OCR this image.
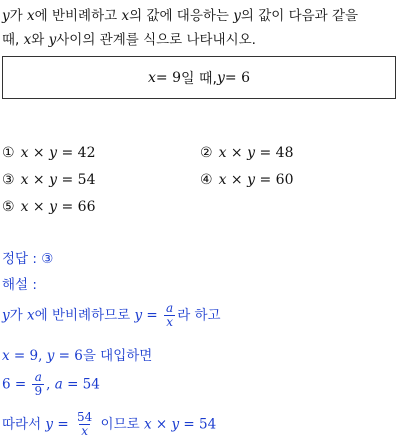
y가 x에 반비례하고 x의 값에 대응하는 y의 값이 다음과 같을
때, x와 y사이의 관계를 식으로 나타내시오.
x = 9 일 때, y = 6
① x × y = 42	② x × y = 48
③ x × y = 54	④ x × y = 60
⑤ x × y = 66
정답 : ③
해설 :
y가 x에 반비례하므로 $y = \frac{a}{x}$ 라 하고
x = 9, y = 6을 대입하면
$6 = \frac{a}{9}$ , a = 54
따라서 $y = \frac{54}{x}$ 이므로 x × y = 54
